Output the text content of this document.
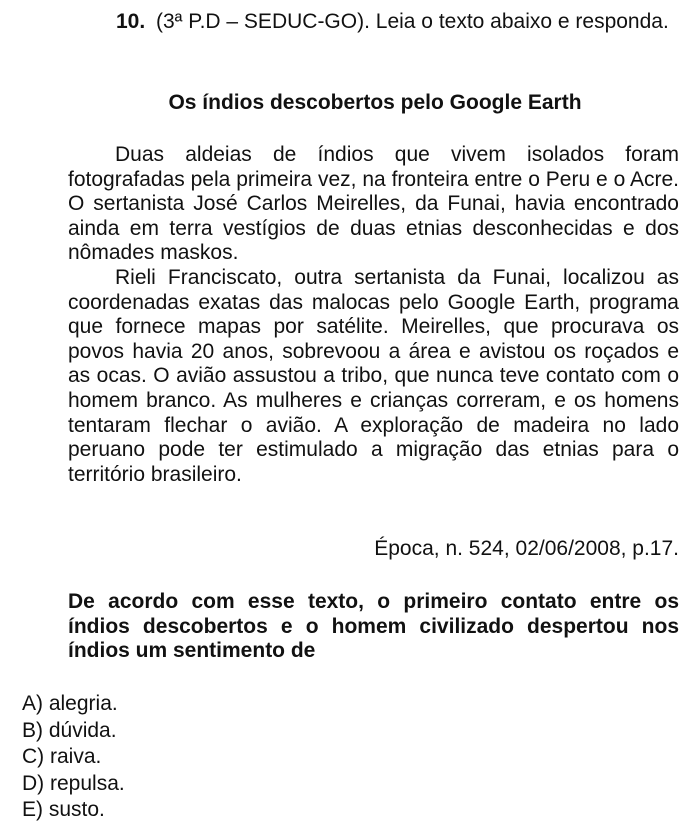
10. (3ª P.D – SEDUC-GO). Leia o texto abaixo e responda.
Os índios descobertos pelo Google Earth

Duas aldeias de índios que vivem isolados foram fotografadas pela primeira vez, na fronteira entre o Peru e o Acre. O sertanista José Carlos Meirelles, da Funai, havia encontrado ainda em terra vestígios de duas etnias desconhecidas e dos nômades maskos.

Rieli Franciscato, outra sertanista da Funai, localizou as coordenadas exatas das malocas pelo Google Earth, programa que fornece mapas por satélite. Meirelles, que procurava os povos havia 20 anos, sobrevoou a área e avistou os roçados e as ocas. O avião assustou a tribo, que nunca teve contato com o homem branco. As mulheres e crianças correram, e os homens tentaram flechar o avião. A exploração de madeira no lado peruano pode ter estimulado a migração das etnias para o território brasileiro.

Época, n. 524, 02/06/2008, p.17.
De acordo com esse texto, o primeiro contato entre os índios descobertos e o homem civilizado despertou nos índios um sentimento de
A) alegria.
B) dúvida.
C) raiva.
D) repulsa.
E) susto.
